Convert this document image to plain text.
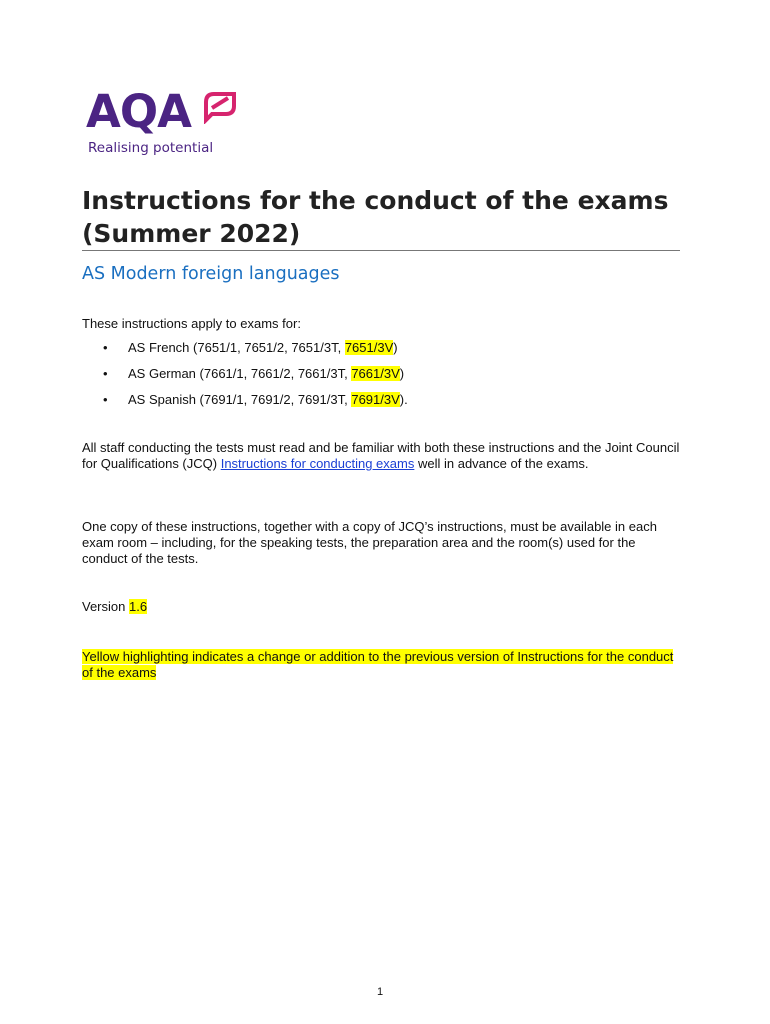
AQA
Realising potential
Instructions for the conduct of the exams
(Summer 2022)
AS Modern foreign languages

These instructions apply to exams for:

• AS French (7651/1, 7651/2, 7651/3T, 7651/3V)
• AS German (7661/1, 7661/2, 7661/3T, 7661/3V)
• AS Spanish (7691/1, 7691/2, 7691/3T, 7691/3V).

All staff conducting the tests must read and be familiar with both these instructions and the Joint Council for Qualifications (JCQ) Instructions for conducting exams well in advance of the exams.

One copy of these instructions, together with a copy of JCQ’s instructions, must be available in each exam room – including, for the speaking tests, the preparation area and the room(s) used for the conduct of the tests.

Version 1.6

Yellow highlighting indicates a change or addition to the previous version of Instructions for the conduct of the exams

1
